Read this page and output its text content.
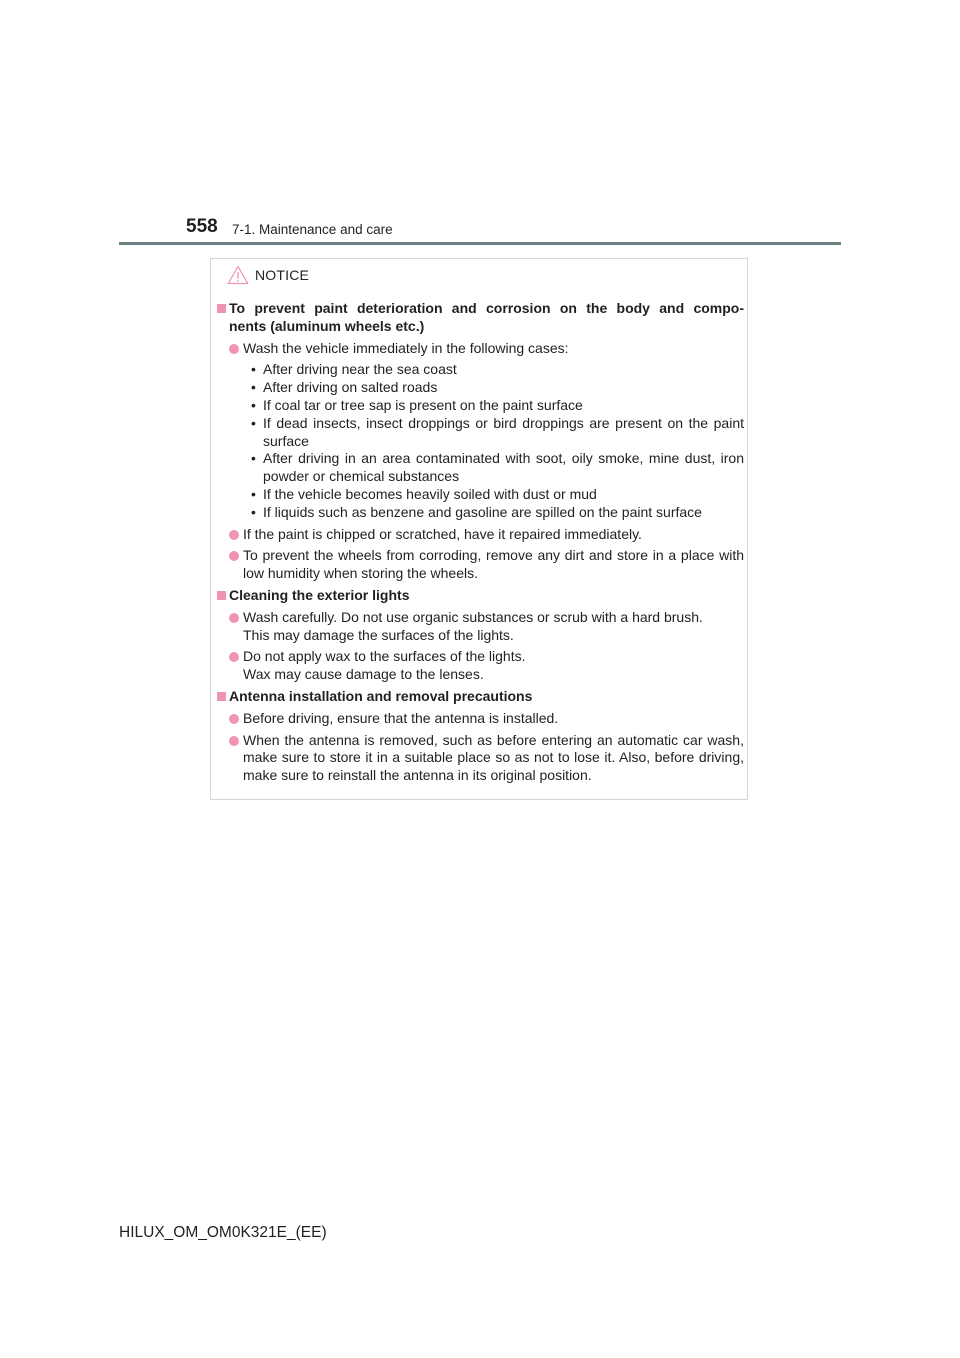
558 7-1. Maintenance and care
NOTICE
To prevent paint deterioration and corrosion on the body and compo-
nents (aluminum wheels etc.)
Wash the vehicle immediately in the following cases:
• After driving near the sea coast
• After driving on salted roads
• If coal tar or tree sap is present on the paint surface
• If dead insects, insect droppings or bird droppings are present on the paint surface
• After driving in an area contaminated with soot, oily smoke, mine dust, iron powder or chemical substances
• If the vehicle becomes heavily soiled with dust or mud
• If liquids such as benzene and gasoline are spilled on the paint surface
If the paint is chipped or scratched, have it repaired immediately.
To prevent the wheels from corroding, remove any dirt and store in a place with low humidity when storing the wheels.
Cleaning the exterior lights
Wash carefully. Do not use organic substances or scrub with a hard brush.
This may damage the surfaces of the lights.
Do not apply wax to the surfaces of the lights.
Wax may cause damage to the lenses.
Antenna installation and removal precautions
Before driving, ensure that the antenna is installed.
When the antenna is removed, such as before entering an automatic car wash, make sure to store it in a suitable place so as not to lose it. Also, before driving, make sure to reinstall the antenna in its original position.
HILUX_OM_OM0K321E_(EE)
